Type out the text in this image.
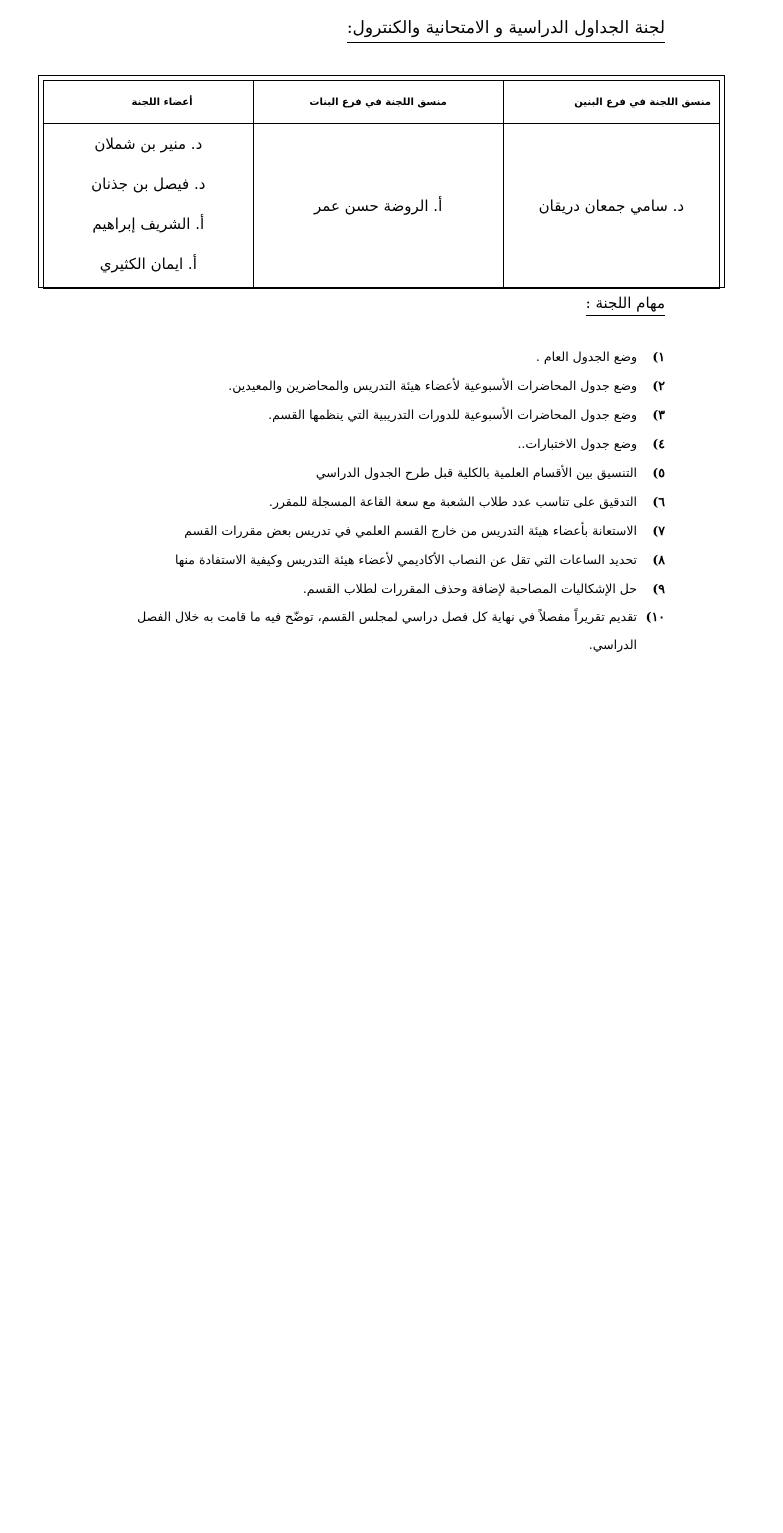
لجنة الجداول الدراسية و الامتحانية والكنترول:
منسق اللجنة في فرع البنين	منسق اللجنة في فرع البنات	أعضاء اللجنة
د. سامي جمعان دريقان	أ. الروضة حسن عمر	د. منير بن شملان
د. فيصل بن جذنان
أ. الشريف إبراهيم
أ. ايمان الكثيري
مهام اللجنة :
١)
وضع الجدول العام .
٢)
وضع جدول المحاضرات الأسبوعية لأعضاء هيئة التدريس والمحاضرين والمعيدين.
٣)
وضع جدول المحاضرات الأسبوعية للدورات التدريبية التي ينظمها القسم.
٤)
وضع جدول الاختبارات..
٥)
التنسيق بين الأقسام العلمية بالكلية قبل طرح الجدول الدراسي
٦)
التدقيق على تناسب عدد طلاب الشعبة مع سعة القاعة المسجلة للمقرر.
٧)
الاستعانة بأعضاء هيئة التدريس من خارج القسم العلمي في تدريس بعض مقررات القسم
٨)
تحديد الساعات التي تقل عن النصاب الأكاديمي لأعضاء هيئة التدريس وكيفية الاستفادة منها
٩)
حل الإشكاليات المصاحبة لإضافة وحذف المقررات لطلاب القسم.
١٠)
تقديم تقريراً مفصلاً في نهاية كل فصل دراسي لمجلس القسم، توضّح فيه ما قامت به خلال الفصل الدراسي.
